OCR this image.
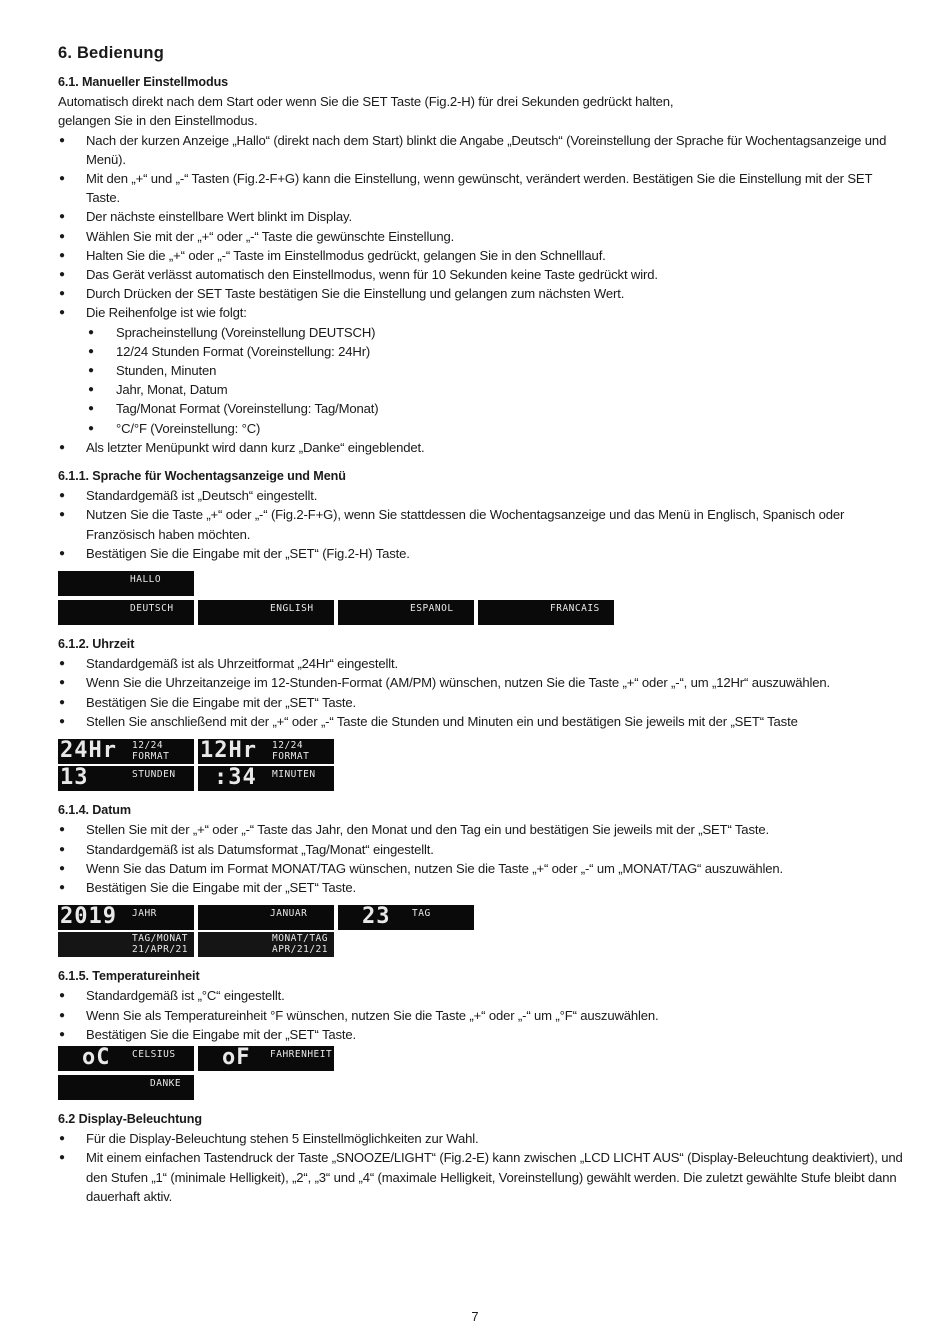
6. Bedienung
6.1. Manueller Einstellmodus

Automatisch direkt nach dem Start oder wenn Sie die SET Taste (Fig.2-H) für drei Sekunden gedrückt halten,

gelangen Sie in den Einstellmodus.

● Nach der kurzen Anzeige „Hallo“ (direkt nach dem Start) blinkt die Angabe „Deutsch“ (Voreinstellung der Sprache für Wochentagsanzeige und Menü).
● Mit den „+“ und „-“ Tasten (Fig.2-F+G) kann die Einstellung, wenn gewünscht, verändert werden. Bestätigen Sie die Einstellung mit der SET Taste.
● Der nächste einstellbare Wert blinkt im Display.
● Wählen Sie mit der „+“ oder „-“ Taste die gewünschte Einstellung.
● Halten Sie die „+“ oder „-“ Taste im Einstellmodus gedrückt, gelangen Sie in den Schnelllauf.
● Das Gerät verlässt automatisch den Einstellmodus, wenn für 10 Sekunden keine Taste gedrückt wird.
● Durch Drücken der SET Taste bestätigen Sie die Einstellung und gelangen zum nächsten Wert.
● Die Reihenfolge ist wie folgt:
● Spracheinstellung (Voreinstellung DEUTSCH)
● 12/24 Stunden Format (Voreinstellung: 24Hr)
● Stunden, Minuten
● Jahr, Monat, Datum
● Tag/Monat Format (Voreinstellung: Tag/Monat)
● °C/°F (Voreinstellung: °C)
● Als letzter Menüpunkt wird dann kurz „Danke“ eingeblendet.
6.1.1. Sprache für Wochentagsanzeige und Menü
● Standardgemäß ist „Deutsch“ eingestellt.
● Nutzen Sie die Taste „+“ oder „-“ (Fig.2-F+G), wenn Sie stattdessen die Wochentagsanzeige und das Menü in Englisch, Spanisch oder Französisch haben möchten.
● Bestätigen Sie die Eingabe mit der „SET“ (Fig.2-H) Taste.
HALLO
DEUTSCH	ENGLISH	ESPANOL	FRANCAIS
6.1.2. Uhrzeit
● Standardgemäß ist als Uhrzeitformat „24Hr“ eingestellt.
● Wenn Sie die Uhrzeitanzeige im 12-Stunden-Format (AM/PM) wünschen, nutzen Sie die Taste „+“ oder „-“, um „12Hr“ auszuwählen.
● Bestätigen Sie die Eingabe mit der „SET“ Taste.
● Stellen Sie anschließend mit der „+“ oder „-“ Taste die Stunden und Minuten ein und bestätigen Sie jeweils mit der „SET“ Taste
24Hr 12/24
FORMAT 12Hr 12/24
FORMAT
13	STUNDEN :34 MINUTEN
6.1.4. Datum
● Stellen Sie mit der „+“ oder „-“ Taste das Jahr, den Monat und den Tag ein und bestätigen Sie jeweils mit der „SET“ Taste.
● Standardgemäß ist als Datumsformat „Tag/Monat“ eingestellt.
● Wenn Sie das Datum im Format MONAT/TAG wünschen, nutzen Sie die Taste „+“ oder „-“ um „MONAT/TAG“ auszuwählen.
● Bestätigen Sie die Eingabe mit der „SET“ Taste.
2019 JAHR	JANUAR 23 TAG
TAG/MONAT
21/APR/21
MONAT/TAG
APR/21/21
6.1.5. Temperatureinheit
● Standardgemäß ist „°C“ eingestellt.
● Wenn Sie als Temperatureinheit °F wünschen, nutzen Sie die Taste „+“ oder „-“ um „°F“ auszuwählen.
● Bestätigen Sie die Eingabe mit der „SET“ Taste.
oC CELSIUS oF FAHRENHEIT
DANKE
6.2 Display-Beleuchtung
● Für die Display-Beleuchtung stehen 5 Einstellmöglichkeiten zur Wahl.
● Mit einem einfachen Tastendruck der Taste „SNOOZE/LIGHT“ (Fig.2-E) kann zwischen „LCD LICHT AUS“ (Display-Beleuchtung deaktiviert), und den Stufen „1“ (minimale Helligkeit), „2“, „3“ und „4“ (maximale Helligkeit, Voreinstellung) gewählt werden. Die zuletzt gewählte Stufe bleibt dann dauerhaft aktiv.
7
